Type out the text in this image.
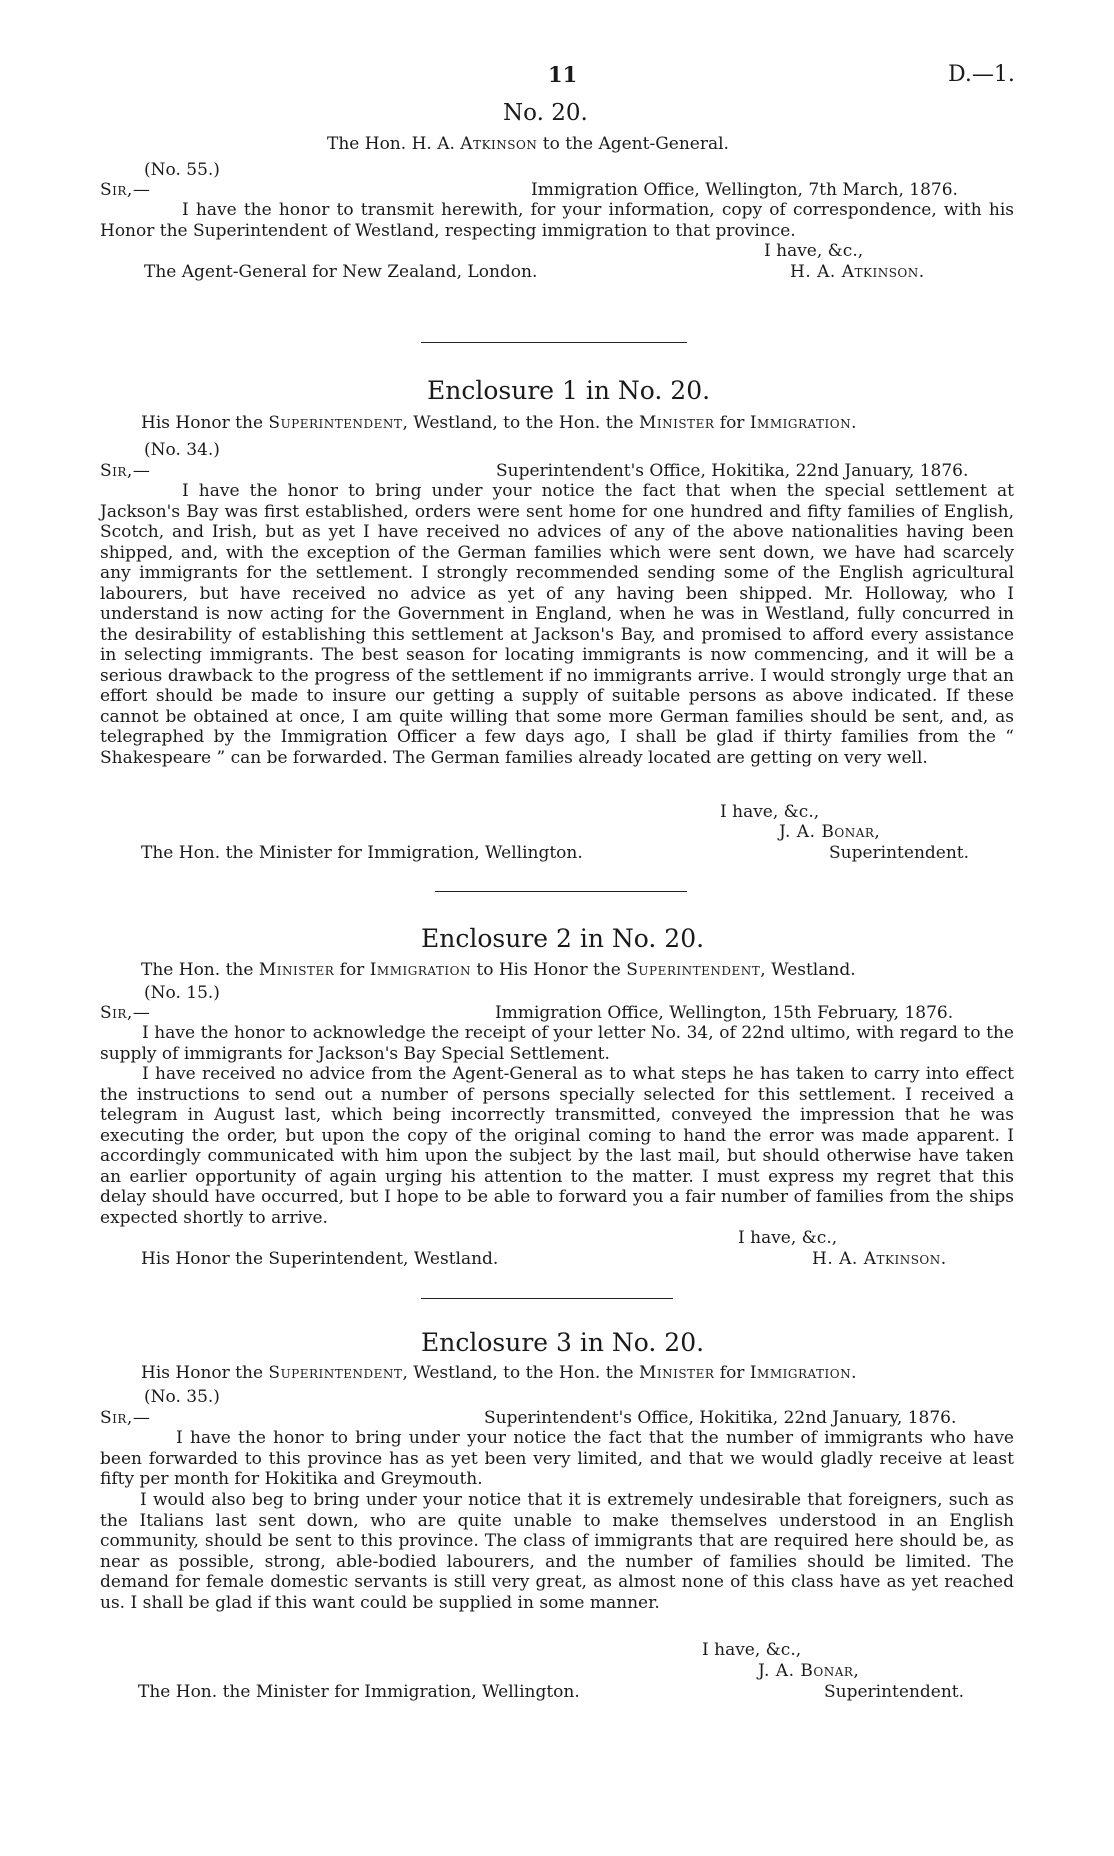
11	D.—1.
No. 20.
The Hon. H. A. Atkinson to the Agent-General.
(No. 55.)
Sir,—	Immigration Office, Wellington, 7th March, 1876.

I have the honor to transmit herewith, for your information, copy of correspondence, with his Honor the Superintendent of Westland, respecting immigration to that province.

I have, &c.,
The Agent-General for New Zealand, London.	H. A. Atkinson.
Enclosure 1 in No. 20.
His Honor the Superintendent, Westland, to the Hon. the Minister for Immigration.
(No. 34.)
Sir,—	Superintendent's Office, Hokitika, 22nd January, 1876.

I have the honor to bring under your notice the fact that when the special settlement at Jackson's Bay was first established, orders were sent home for one hundred and fifty families of English, Scotch, and Irish, but as yet I have received no advices of any of the above nationalities having been shipped, and, with the exception of the German families which were sent down, we have had scarcely any immigrants for the settlement. I strongly recommended sending some of the English agricultural labourers, but have received no advice as yet of any having been shipped. Mr. Holloway, who I understand is now acting for the Government in England, when he was in Westland, fully concurred in the desirability of establishing this settlement at Jackson's Bay, and promised to afford every assistance in selecting immigrants. The best season for locating immigrants is now commencing, and it will be a serious drawback to the progress of the settlement if no immigrants arrive. I would strongly urge that an effort should be made to insure our getting a supply of suitable persons as above indicated. If these cannot be obtained at once, I am quite willing that some more German families should be sent, and, as telegraphed by the Immigration Officer a few days ago, I shall be glad if thirty families from the “ Shakespeare ” can be forwarded. The German families already located are getting on very well.

I have, &c.,
J. A. Bonar,
The Hon. the Minister for Immigration, Wellington.	Superintendent.
Enclosure 2 in No. 20.
The Hon. the Minister for Immigration to His Honor the Superintendent, Westland.
(No. 15.)
Sir,—	Immigration Office, Wellington, 15th February, 1876.

I have the honor to acknowledge the receipt of your letter No. 34, of 22nd ultimo, with regard to the supply of immigrants for Jackson's Bay Special Settlement.

I have received no advice from the Agent-General as to what steps he has taken to carry into effect the instructions to send out a number of persons specially selected for this settlement. I received a telegram in August last, which being incorrectly transmitted, conveyed the impression that he was executing the order, but upon the copy of the original coming to hand the error was made apparent. I accordingly communicated with him upon the subject by the last mail, but should otherwise have taken an earlier opportunity of again urging his attention to the matter. I must express my regret that this delay should have occurred, but I hope to be able to forward you a fair number of families from the ships expected shortly to arrive.

I have, &c.,
His Honor the Superintendent, Westland.	H. A. Atkinson.
Enclosure 3 in No. 20.
His Honor the Superintendent, Westland, to the Hon. the Minister for Immigration.
(No. 35.)
Sir,—	Superintendent's Office, Hokitika, 22nd January, 1876.

I have the honor to bring under your notice the fact that the number of immigrants who have been forwarded to this province has as yet been very limited, and that we would gladly receive at least fifty per month for Hokitika and Greymouth.

I would also beg to bring under your notice that it is extremely undesirable that foreigners, such as the Italians last sent down, who are quite unable to make themselves understood in an English community, should be sent to this province. The class of immigrants that are required here should be, as near as possible, strong, able-bodied labourers, and the number of families should be limited. The demand for female domestic servants is still very great, as almost none of this class have as yet reached us. I shall be glad if this want could be supplied in some manner.

I have, &c.,
J. A. Bonar,
The Hon. the Minister for Immigration, Wellington.	Superintendent.
